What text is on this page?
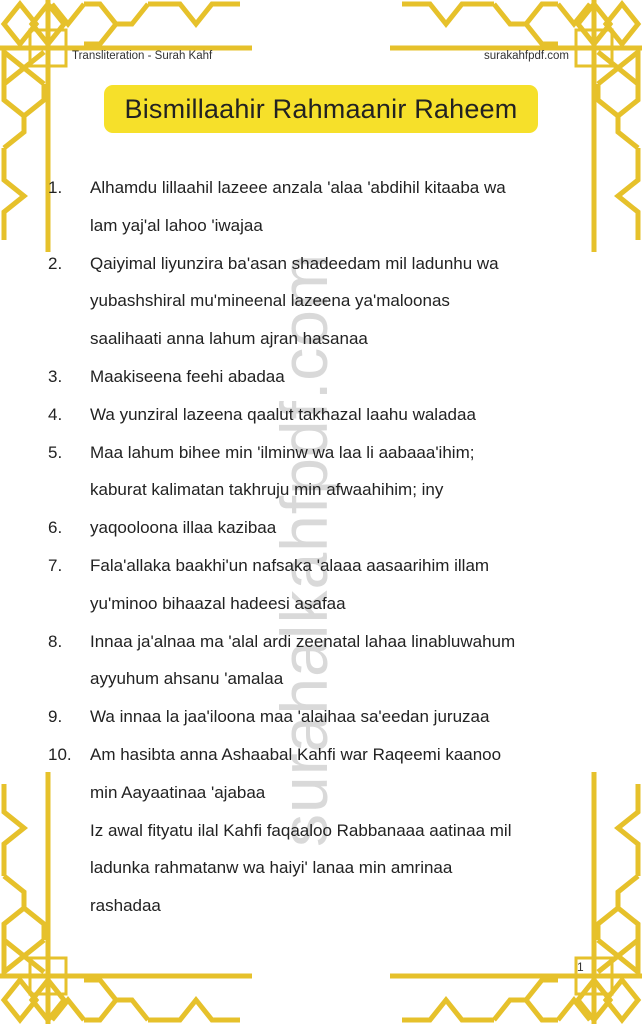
surahalkahfpdf.com
Transliteration - Surah Kahf	surakahfpdf.com
Bismillaahir Rahmaanir Raheem
1.	Alhamdu lillaahil lazeee anzala 'alaa 'abdihil kitaaba wa
lam yaj'al lahoo 'iwajaa
2.	Qaiyimal liyunzira ba'asan shadeedam mil ladunhu wa
yubashshiral mu'mineenal lazeena ya'maloonas
saalihaati anna lahum ajran hasanaa
3.	Maakiseena feehi abadaa
4.	Wa yunziral lazeena qaalut takhazal laahu waladaa
5.	Maa lahum bihee min 'ilminw wa laa li aabaaa'ihim;
kaburat kalimatan takhruju min afwaahihim; iny
6.	yaqooloona illaa kazibaa
7.	Fala'allaka baakhi'un nafsaka 'alaaa aasaarihim illam
yu'minoo bihaazal hadeesi asafaa
8.	Innaa ja'alnaa ma 'alal ardi zeenatal lahaa linabluwahum
ayyuhum ahsanu 'amalaa
9.	Wa innaa la jaa'iloona maa 'alaihaa sa'eedan juruzaa
10.	Am hasibta anna Ashaabal Kahfi war Raqeemi kaanoo
min Aayaatinaa 'ajabaa
Iz awal fityatu ilal Kahfi faqaaloo Rabbanaaa aatinaa mil
ladunka rahmatanw wa haiyi' lanaa min amrinaa
rashadaa
1
